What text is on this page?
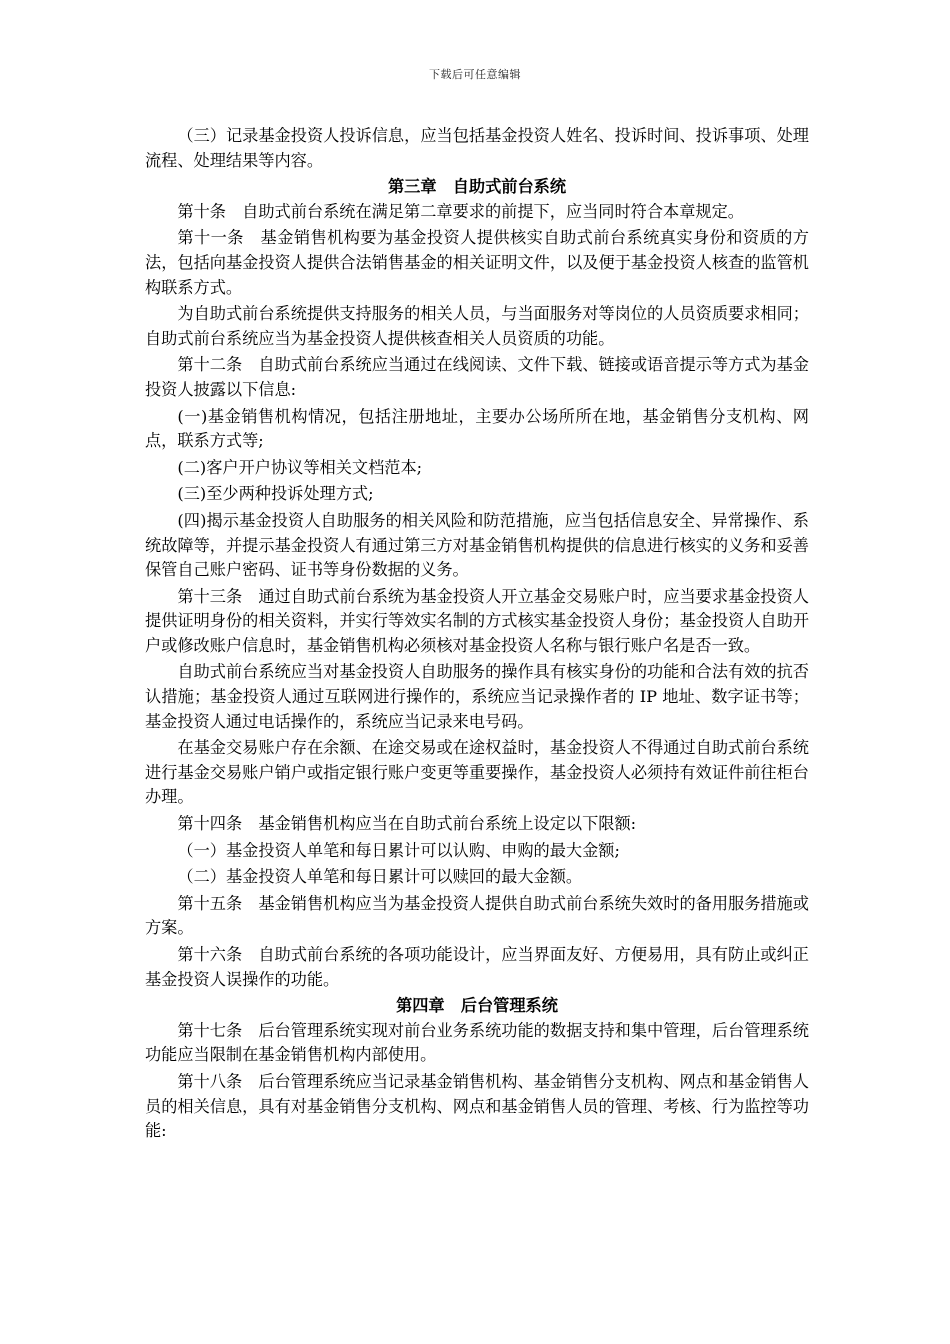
下载后可任意编辑

（三）记录基金投资人投诉信息，应当包括基金投资人姓名、投诉时间、投诉事项、处理流程、处理结果等内容。

第三章　自助式前台系统

第十条　自助式前台系统在满足第二章要求的前提下，应当同时符合本章规定。

第十一条　基金销售机构要为基金投资人提供核实自助式前台系统真实身份和资质的方法，包括向基金投资人提供合法销售基金的相关证明文件，以及便于基金投资人核查的监管机构联系方式。

为自助式前台系统提供支持服务的相关人员，与当面服务对等岗位的人员资质要求相同；自助式前台系统应当为基金投资人提供核查相关人员资质的功能。

第十二条　自助式前台系统应当通过在线阅读、文件下载、链接或语音提示等方式为基金投资人披露以下信息:

(一)基金销售机构情况，包括注册地址，主要办公场所所在地，基金销售分支机构、网点，联系方式等;

(二)客户开户协议等相关文档范本;

(三)至少两种投诉处理方式;

(四)揭示基金投资人自助服务的相关风险和防范措施，应当包括信息安全、异常操作、系统故障等，并提示基金投资人有通过第三方对基金销售机构提供的信息进行核实的义务和妥善保管自己账户密码、证书等身份数据的义务。

第十三条　通过自助式前台系统为基金投资人开立基金交易账户时，应当要求基金投资人提供证明身份的相关资料，并实行等效实名制的方式核实基金投资人身份；基金投资人自助开户或修改账户信息时，基金销售机构必须核对基金投资人名称与银行账户名是否一致。

自助式前台系统应当对基金投资人自助服务的操作具有核实身份的功能和合法有效的抗否认措施；基金投资人通过互联网进行操作的，系统应当记录操作者的 IP 地址、数字证书等；基金投资人通过电话操作的，系统应当记录来电号码。

在基金交易账户存在余额、在途交易或在途权益时，基金投资人不得通过自助式前台系统进行基金交易账户销户或指定银行账户变更等重要操作，基金投资人必须持有效证件前往柜台办理。

第十四条　基金销售机构应当在自助式前台系统上设定以下限额:

（一）基金投资人单笔和每日累计可以认购、申购的最大金额;

（二）基金投资人单笔和每日累计可以赎回的最大金额。

第十五条　基金销售机构应当为基金投资人提供自助式前台系统失效时的备用服务措施或方案。

第十六条　自助式前台系统的各项功能设计，应当界面友好、方便易用，具有防止或纠正基金投资人误操作的功能。

第四章　后台管理系统

第十七条　后台管理系统实现对前台业务系统功能的数据支持和集中管理，后台管理系统功能应当限制在基金销售机构内部使用。

第十八条　后台管理系统应当记录基金销售机构、基金销售分支机构、网点和基金销售人员的相关信息，具有对基金销售分支机构、网点和基金销售人员的管理、考核、行为监控等功能:
